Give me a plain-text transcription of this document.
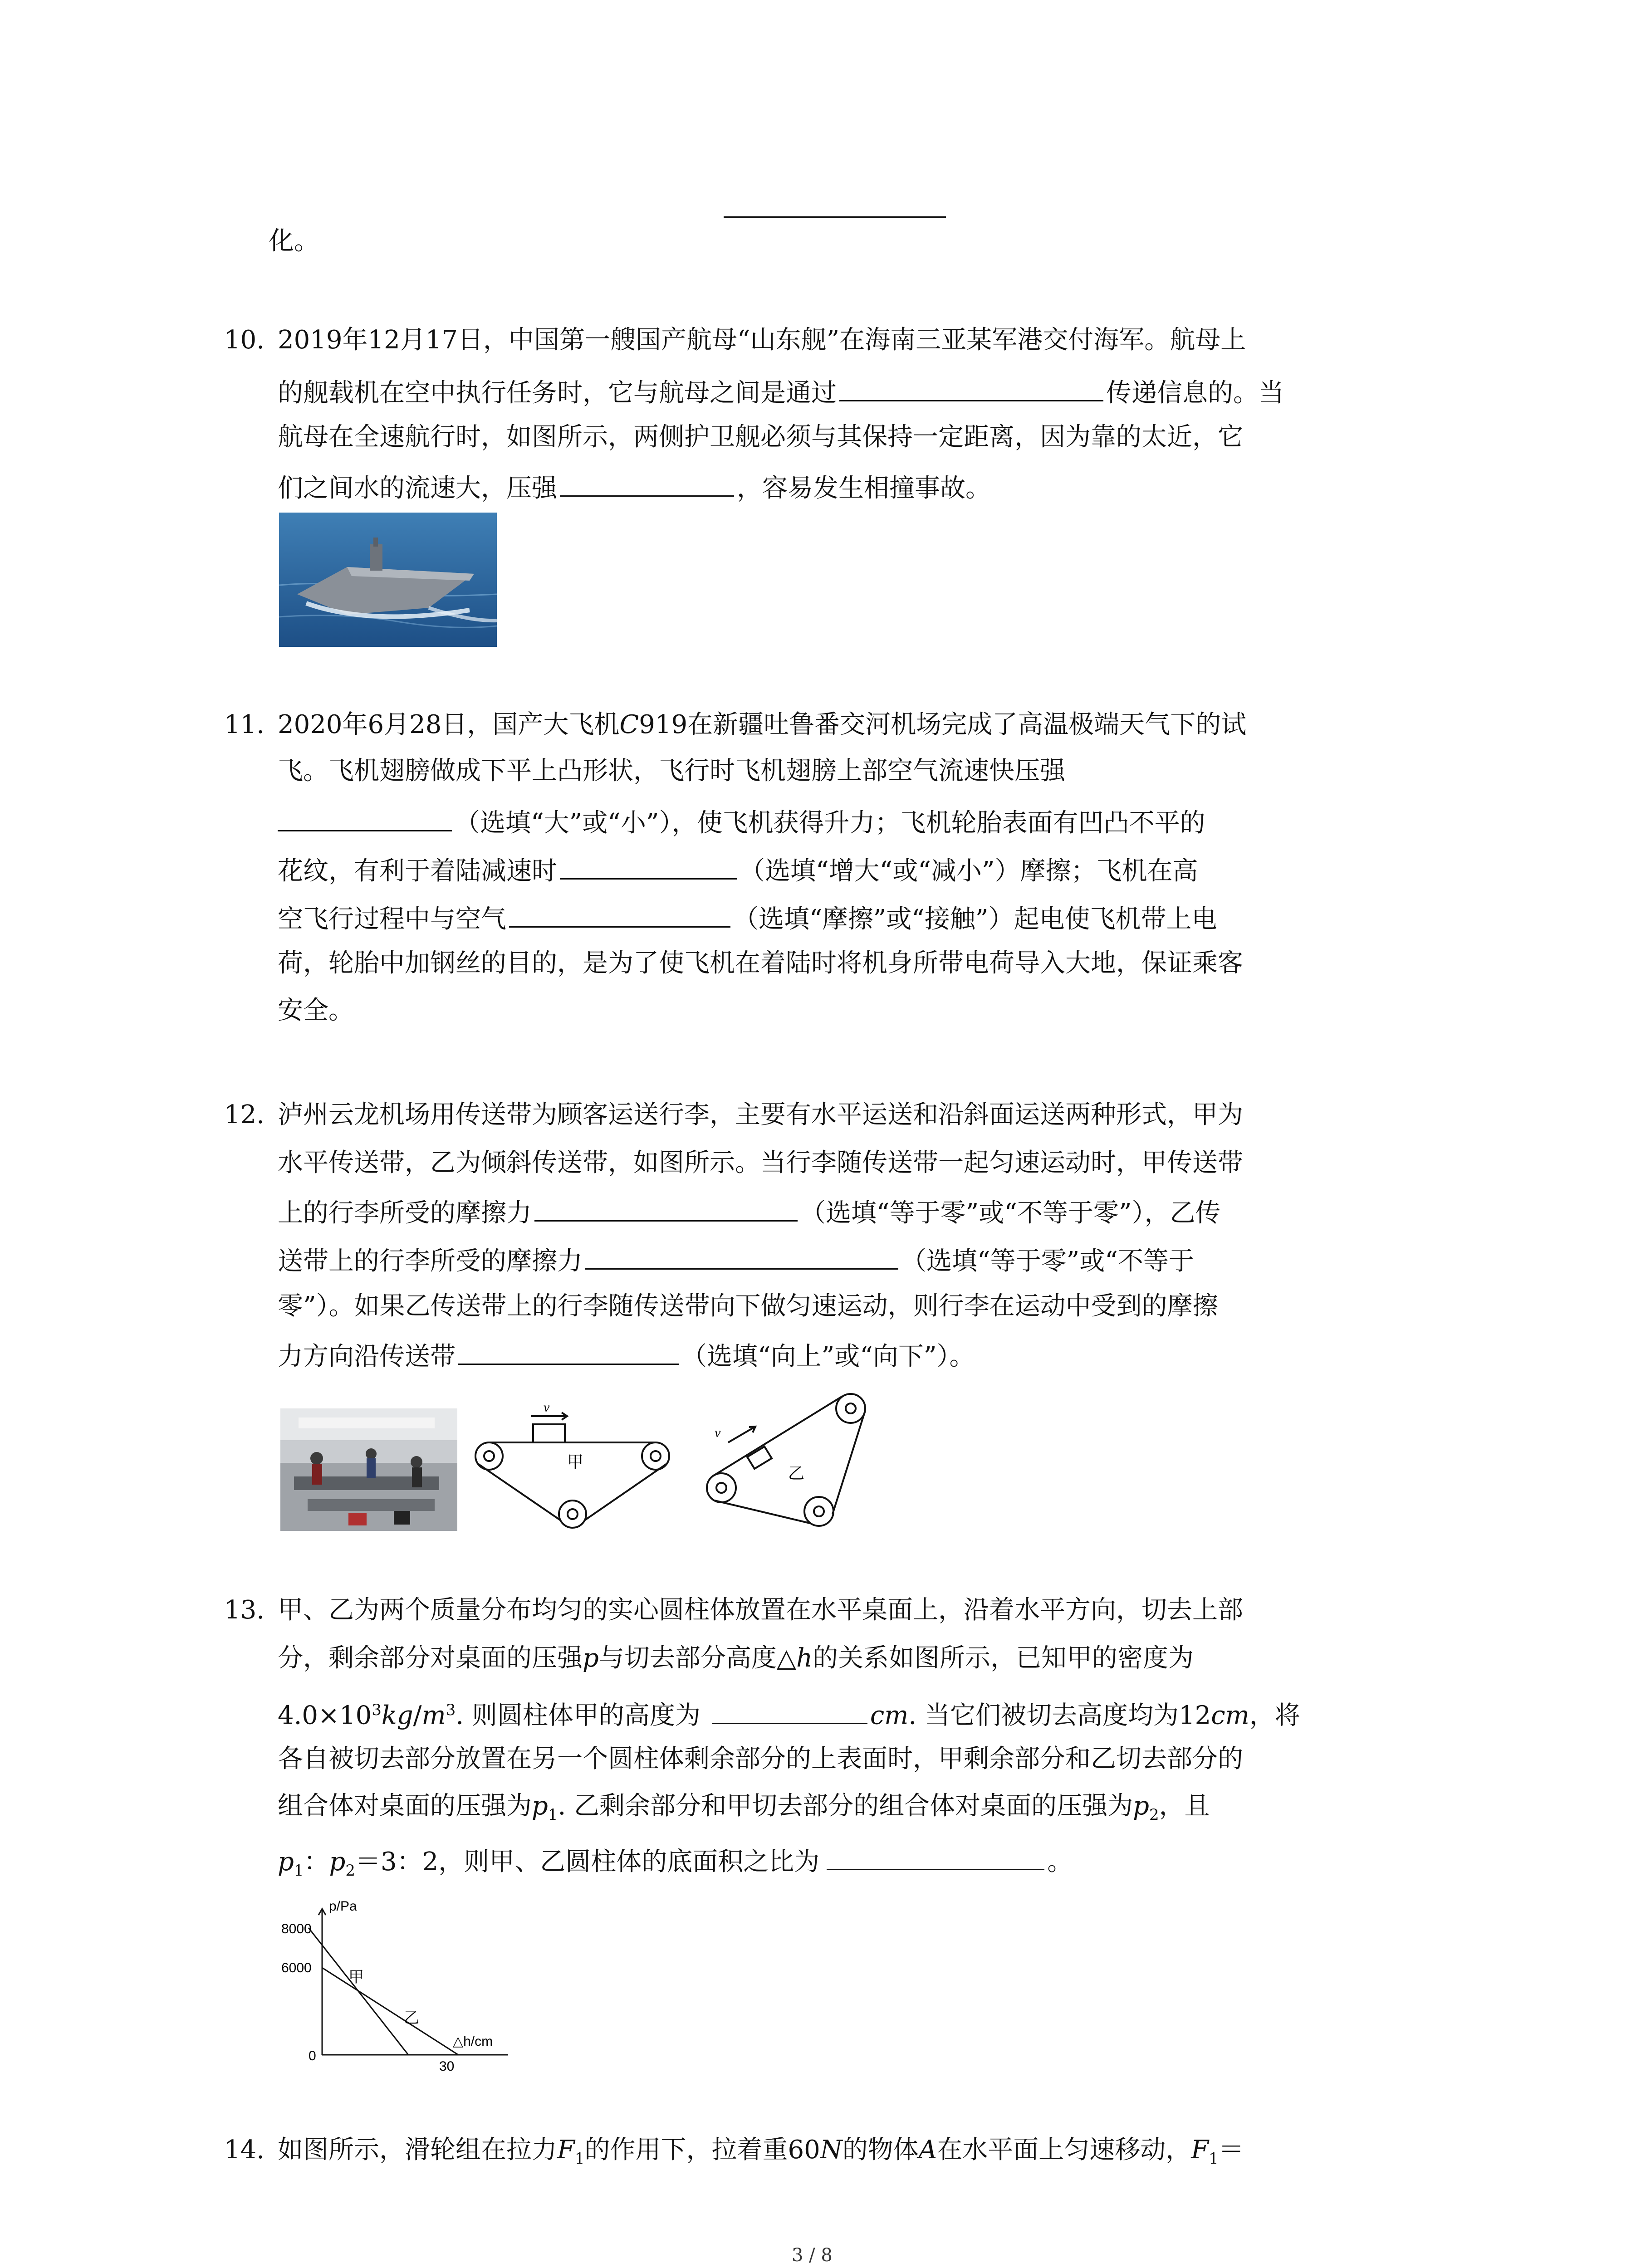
化。
10. 2019年12月17日，中国第一艘国产航母“山东舰”在海南三亚某军港交付海军。航母上
的舰载机在空中执行任务时，它与航母之间是通过	传递信息的。当
航母在全速航行时，如图所示，两侧护卫舰必须与其保持一定距离，因为靠的太近，它
们之间水的流速大，压强	，容易发生相撞事故。
11. 2020年6月28日，国产大飞机C919在新疆吐鲁番交河机场完成了高温极端天气下的试
飞。飞机翅膀做成下平上凸形状，飞行时飞机翅膀上部空气流速快压强
（选填“大”或“小”），使飞机获得升力；飞机轮胎表面有凹凸不平的
花纹，有利于着陆减速时	（选填“增大“或“减小”）摩擦；飞机在高
空飞行过程中与空气	（选填“摩擦”或“接触”）起电使飞机带上电
荷，轮胎中加钢丝的目的，是为了使飞机在着陆时将机身所带电荷导入大地，保证乘客
安全。
12. 泸州云龙机场用传送带为顾客运送行李，主要有水平运送和沿斜面运送两种形式，甲为
水平传送带，乙为倾斜传送带，如图所示。当行李随传送带一起匀速运动时，甲传送带
上的行李所受的摩擦力	（选填“等于零”或“不等于零”），乙传
送带上的行李所受的摩擦力	（选填“等于零”或“不等于
零”）。如果乙传送带上的行李随传送带向下做匀速运动，则行李在运动中受到的摩擦
力方向沿传送带	（选填“向上”或“向下”）。
v
甲
v
乙
13. 甲、乙为两个质量分布均匀的实心圆柱体放置在水平桌面上，沿着水平方向，切去上部
分，剩余部分对桌面的压强p与切去部分高度△h的关系如图所示，已知甲的密度为
$4.0\times 10^3kg/m^3$. 则圆柱体甲的高度为	cm. 当它们被切去高度均为12cm，将
各自被切去部分放置在另一个圆柱体剩余部分的上表面时，甲剩余部分和乙切去部分的
组合体对桌面的压强为$p_1$. 乙剩余部分和甲切去部分的组合体对桌面的压强为$p_2$，且
$p_1$：$p_2=3$：2，则甲、乙圆柱体的底面积之比为	。
p/Pa
8000
6000
0
30
△h/cm
甲
乙
14. 如图所示，滑轮组在拉力$F_1$的作用下，拉着重60N的物体A在水平面上匀速移动，$F_1=$
3 / 8
